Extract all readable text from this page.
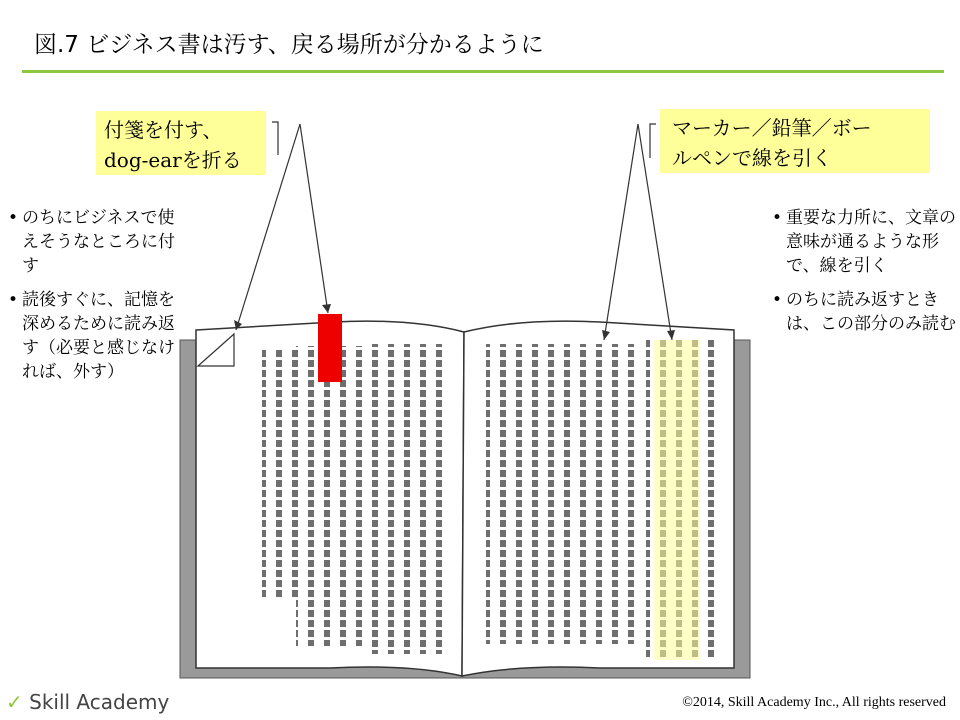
図.7 ビジネス書は汚す、戻る場所が分かるように
付箋を付す、
dog-earを折る
マーカー／鉛筆／ボー
ルペンで線を引く
• のちにビジネスで使えそうなところに付す
• 読後すぐに、記憶を深めるために読み返す（必要と感じなければ、外す）
• 重要な力所に、文章の意味が通るような形で、線を引く
• のちに読み返すときは、この部分のみ読む
✓ Skill Academy	©2014, Skill Academy Inc., All rights reserved
